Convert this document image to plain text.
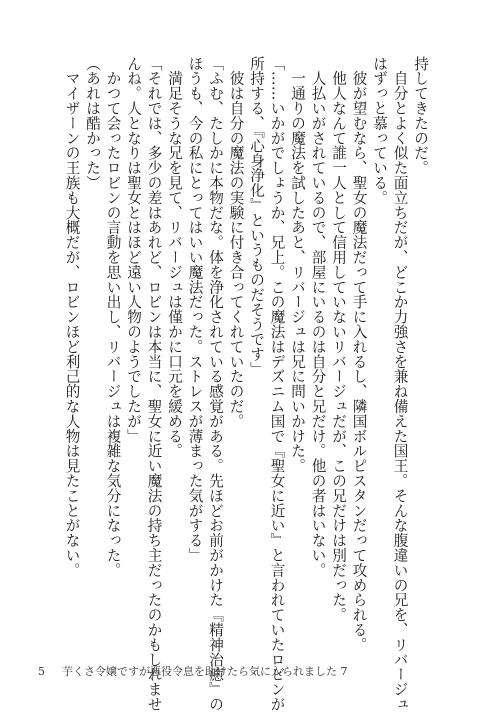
持してきたのだ。

　自分とよく似た面立ちだが、どこか力強さを兼ね備えた国王。そんな腹違いの兄を、リバージュ

はずっと慕っている。

　彼が望むなら、聖女の魔法だって手に入れるし、隣国ボルピスタンだって攻められる。

　他人なんて誰一人として信用していないリバージュだが、この兄だけは別だった。

　人払いがされているので、部屋にいるのは自分と兄だけ。他の者はいない。

　一通りの魔法を試したあと、リバージュは兄に問いかけた。

「……いかがでしょうか、兄上。この魔法はデズニム国で『聖女に近い』と言われていたロビンが

所持する、『心身浄化』というものだそうです」

　彼は自分の魔法の実験に付き合ってくれていたのだ。

「ふむ、たしかに本物だな。体を浄化されている感覚がある。先ほどお前がかけた『精神治癒』の

ほうも、今の私にとってはいい魔法だった。ストレスが薄まった気がする」

　満足そうな兄を見て、リバージュは僅かに口元を緩める。

「それでは、多少の差はあれど、ロビンは本当に、聖女に近い魔法の持ち主だったのかもしれませ

んね。人となりは聖女とはほど遠い人物のようでしたが」

　かつて会ったロビンの言動を思い出し、リバージュは複雑な気分になった。

（あれは酷かった）

　マイザーンの王族も大概だが、ロビンほど利己的な人物は見たことがない。

5 芋くさ令嬢ですが悪役令息を助けたら気に入られました 7
